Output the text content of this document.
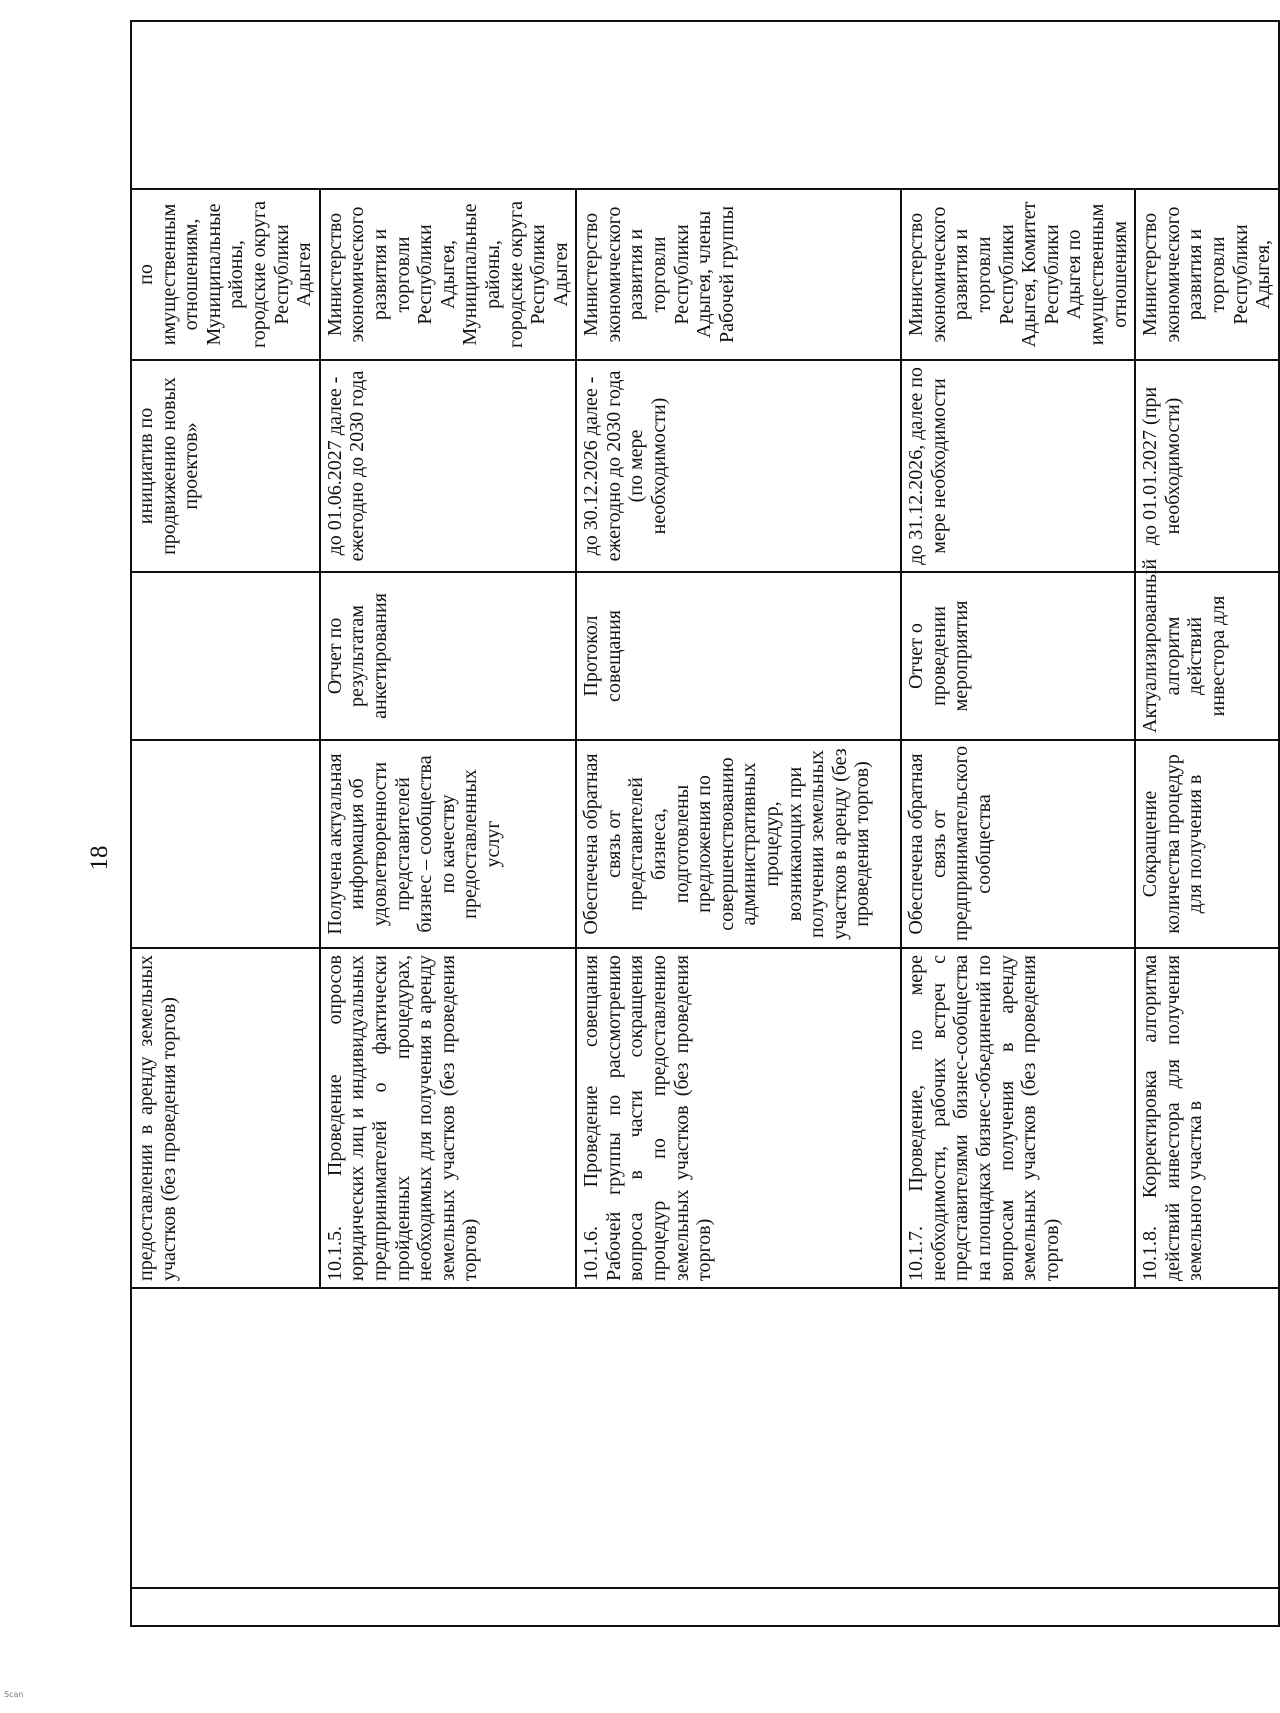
18
		предоставлении в аренду земельных участков (без проведения торгов)			инициатив по продвижению новых проектов»	по имущественным отношениям, Муниципальные районы, городские округа Республики Адыгея	
		10.1.5. Проведение опросов юридических лиц и индивидуальных предпринимателей о фактически пройденных процедурах, необходимых для получения в аренду земельных участков (без проведения торгов)	Получена актуальная информация об удовлетворенности представителей бизнес – сообщества по качеству предоставленных услуг	Отчет по результатам анкетирования	до 01.06.2027 далее - ежегодно до 2030 года	Министерство экономического развития и торговли Республики Адыгея, Муниципальные районы, городские округа Республики Адыгея	
		10.1.6. Проведение совещания Рабочей группы по рассмотрению вопроса в части сокращения процедур по предоставлению земельных участков (без проведения торгов)	Обеспечена обратная связь от представителей бизнеса, подготовлены предложения по совершенствованию административных процедур, возникающих при получении земельных участков в аренду (без проведения торгов)	Протокол совещания	до 30.12.2026 далее - ежегодно до 2030 года (по мере необходимости)	Министерство экономического развития и торговли Республики Адыгея, члены Рабочей группы	
		10.1.7. Проведение, по мере необходимости, рабочих встреч с представителями бизнес-сообщества на площадках бизнес-объединений по вопросам получения в аренду земельных участков (без проведения торгов)	Обеспечена обратная связь от предпринимательского сообщества	Отчет о проведении мероприятия	до 31.12.2026, далее по мере необходимости	Министерство экономического развития и торговли Республики Адыгея, Комитет Республики Адыгея по имущественным отношениям	
		10.1.8. Корректировка алгоритма действий инвестора для получения земельного участка в	Сокращение количества процедур для получения в	Актуализированный алгоритм действий инвестора для	до 01.01.2027 (при необходимости)	Министерство экономического развития и торговли Республики Адыгея,	
Scan
